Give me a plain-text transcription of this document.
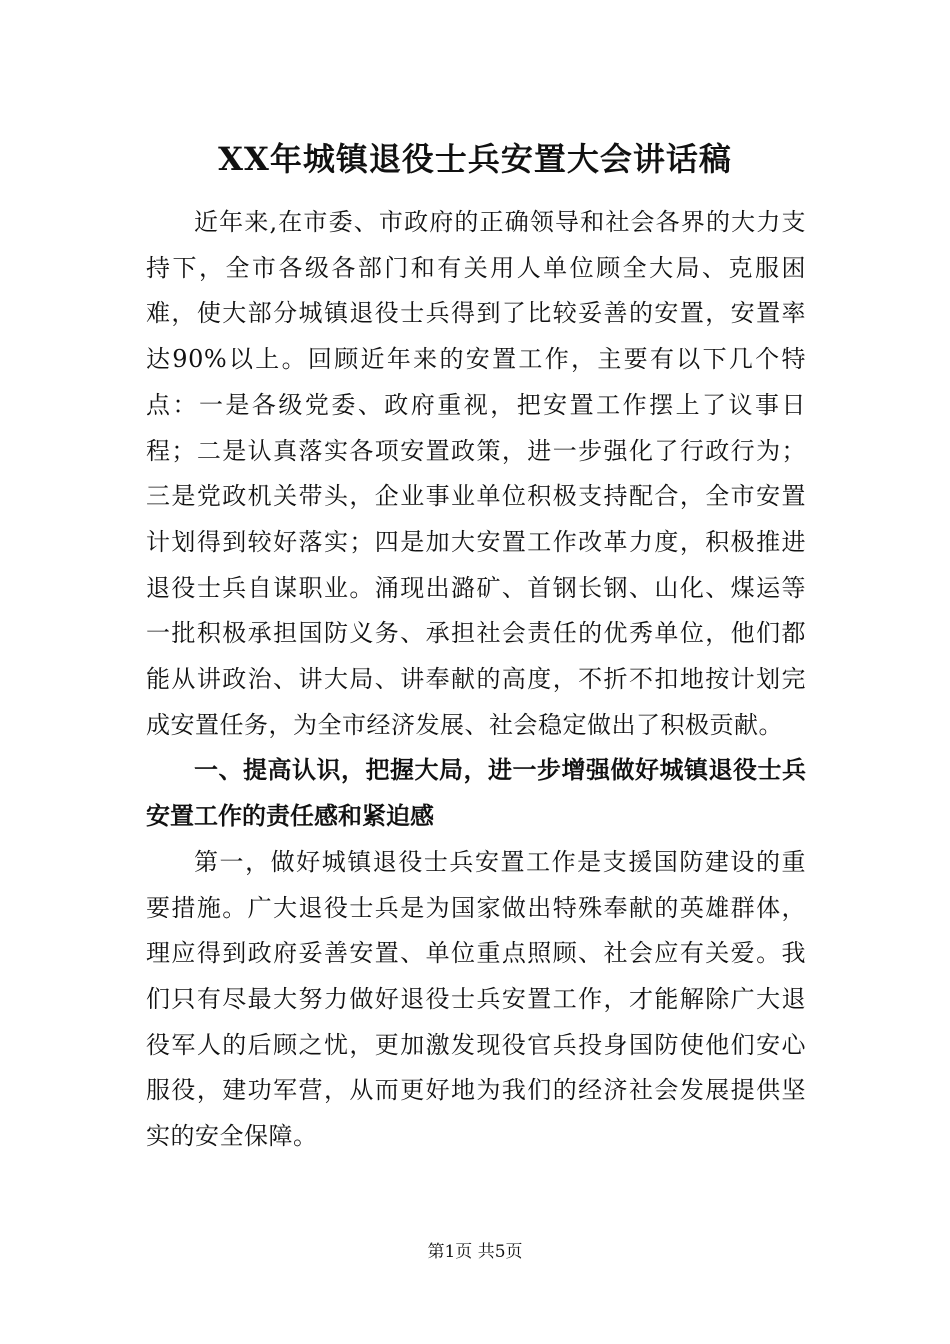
XX年城镇退役士兵安置大会讲话稿

近年来,在市委、市政府的正确领导和社会各界的大力支持下，全市各级各部门和有关用人单位顾全大局、克服困难，使大部分城镇退役士兵得到了比较妥善的安置，安置率达90%以上。回顾近年来的安置工作，主要有以下几个特点：一是各级党委、政府重视，把安置工作摆上了议事日程；二是认真落实各项安置政策，进一步强化了行政行为；三是党政机关带头，企业事业单位积极支持配合，全市安置计划得到较好落实；四是加大安置工作改革力度，积极推进退役士兵自谋职业。涌现出潞矿、首钢长钢、山化、煤运等一批积极承担国防义务、承担社会责任的优秀单位，他们都能从讲政治、讲大局、讲奉献的高度，不折不扣地按计划完成安置任务，为全市经济发展、社会稳定做出了积极贡献。

一、提高认识，把握大局，进一步增强做好城镇退役士兵安置工作的责任感和紧迫感

第一，做好城镇退役士兵安置工作是支援国防建设的重要措施。广大退役士兵是为国家做出特殊奉献的英雄群体，理应得到政府妥善安置、单位重点照顾、社会应有关爱。我们只有尽最大努力做好退役士兵安置工作，才能解除广大退役军人的后顾之忧，更加激发现役官兵投身国防使他们安心服役，建功军营，从而更好地为我们的经济社会发展提供坚实的安全保障。

第1页 共5页
